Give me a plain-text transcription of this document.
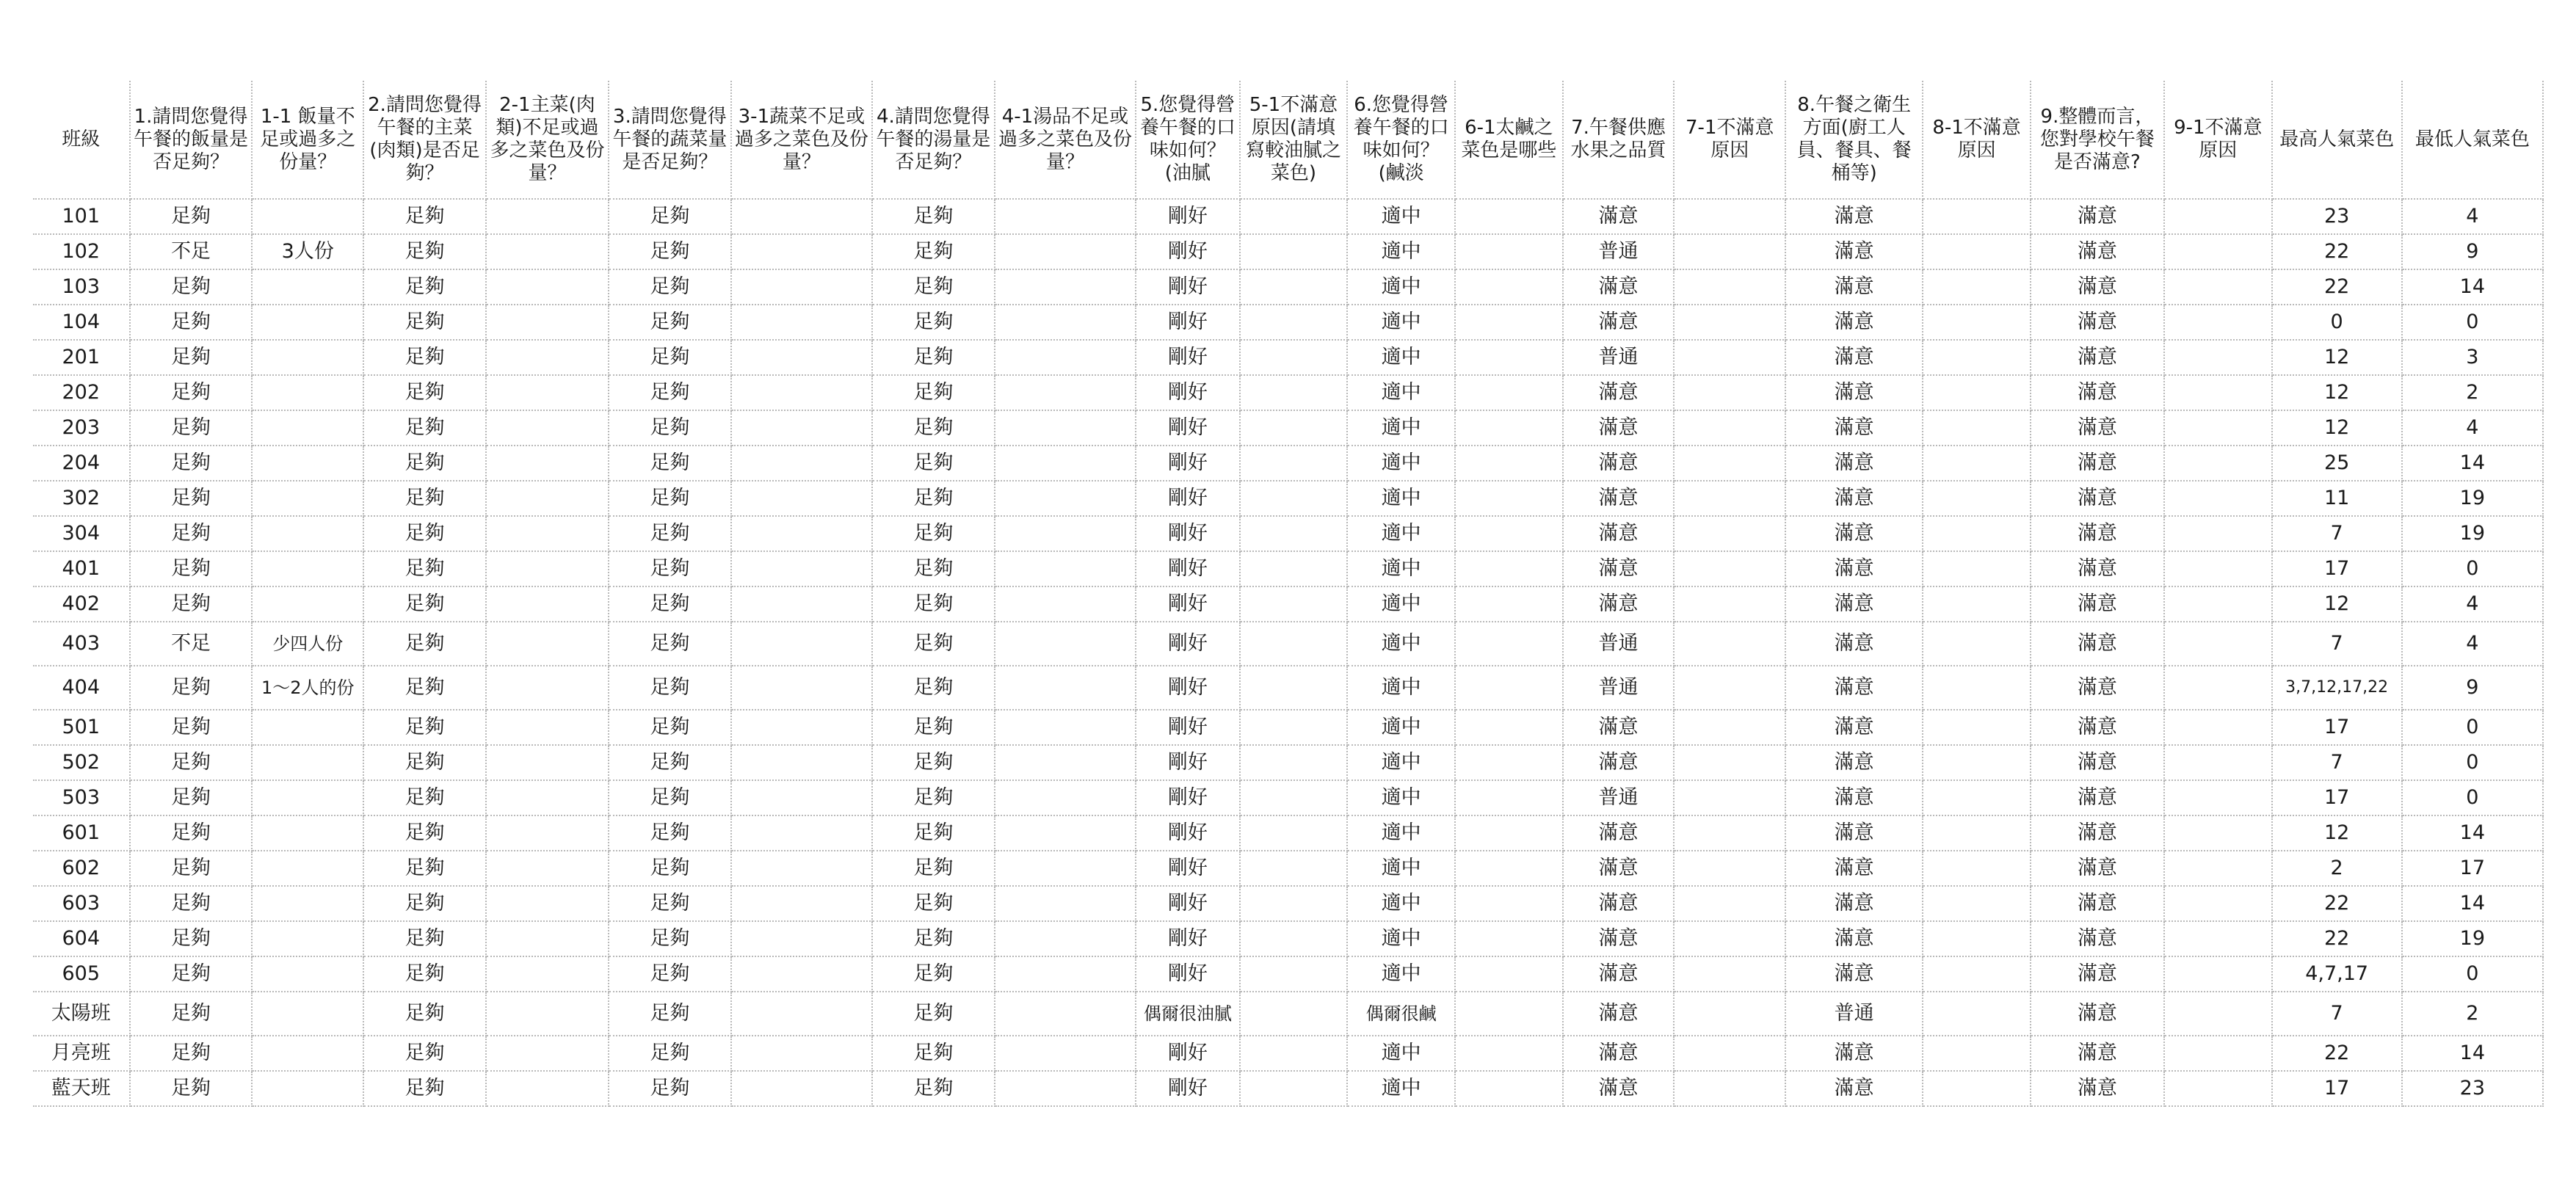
班級	1.請問您覺得午餐的飯量是否足夠？	1-1 飯量不足或過多之份量？	2.請問您覺得午餐的主菜(肉類)是否足夠？	2-1主菜(肉類)不足或過多之菜色及份量？	3.請問您覺得午餐的蔬菜量是否足夠？	3-1蔬菜不足或過多之菜色及份量？	4.請問您覺得午餐的湯量是否足夠？	4-1湯品不足或過多之菜色及份量？	5.您覺得營養午餐的口味如何？(油膩	5-1不滿意原因(請填寫較油膩之菜色)	6.您覺得營養午餐的口味如何？(鹹淡	6-1太鹹之菜色是哪些	7.午餐供應水果之品質	7-1不滿意原因	8.午餐之衛生方面(廚工人員、餐具、餐桶等)	8-1不滿意原因	9.整體而言，您對學校午餐是否滿意?	9-1不滿意原因	最高人氣菜色	最低人氣菜色
101	足夠		足夠		足夠		足夠		剛好		適中		滿意		滿意		滿意		23	4
102	不足	3人份	足夠		足夠		足夠		剛好		適中		普通		滿意		滿意		22	9
103	足夠		足夠		足夠		足夠		剛好		適中		滿意		滿意		滿意		22	14
104	足夠		足夠		足夠		足夠		剛好		適中		滿意		滿意		滿意		0	0
201	足夠		足夠		足夠		足夠		剛好		適中		普通		滿意		滿意		12	3
202	足夠		足夠		足夠		足夠		剛好		適中		滿意		滿意		滿意		12	2
203	足夠		足夠		足夠		足夠		剛好		適中		滿意		滿意		滿意		12	4
204	足夠		足夠		足夠		足夠		剛好		適中		滿意		滿意		滿意		25	14
302	足夠		足夠		足夠		足夠		剛好		適中		滿意		滿意		滿意		11	19
304	足夠		足夠		足夠		足夠		剛好		適中		滿意		滿意		滿意		7	19
401	足夠		足夠		足夠		足夠		剛好		適中		滿意		滿意		滿意		17	0
402	足夠		足夠		足夠		足夠		剛好		適中		滿意		滿意		滿意		12	4
403	不足	少四人份	足夠		足夠		足夠		剛好		適中		普通		滿意		滿意		7	4
404	足夠	1～2人的份	足夠		足夠		足夠		剛好		適中		普通		滿意		滿意		3,7,12,17,22	9
501	足夠		足夠		足夠		足夠		剛好		適中		滿意		滿意		滿意		17	0
502	足夠		足夠		足夠		足夠		剛好		適中		滿意		滿意		滿意		7	0
503	足夠		足夠		足夠		足夠		剛好		適中		普通		滿意		滿意		17	0
601	足夠		足夠		足夠		足夠		剛好		適中		滿意		滿意		滿意		12	14
602	足夠		足夠		足夠		足夠		剛好		適中		滿意		滿意		滿意		2	17
603	足夠		足夠		足夠		足夠		剛好		適中		滿意		滿意		滿意		22	14
604	足夠		足夠		足夠		足夠		剛好		適中		滿意		滿意		滿意		22	19
605	足夠		足夠		足夠		足夠		剛好		適中		滿意		滿意		滿意		4,7,17	0
太陽班	足夠		足夠		足夠		足夠		偶爾很油膩		偶爾很鹹		滿意		普通		滿意		7	2
月亮班	足夠		足夠		足夠		足夠		剛好		適中		滿意		滿意		滿意		22	14
藍天班	足夠		足夠		足夠		足夠		剛好		適中		滿意		滿意		滿意		17	23
